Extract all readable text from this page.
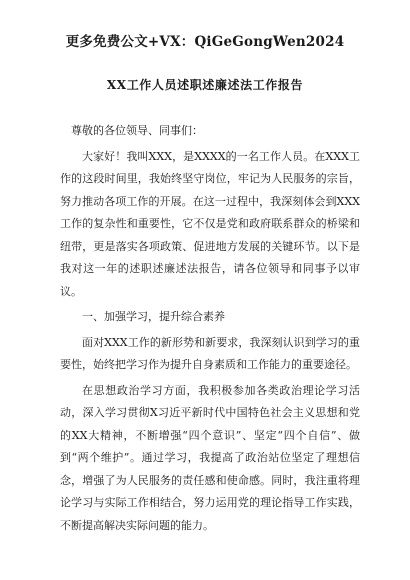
更多免费公文+VX：QiGeGongWen2024
XX工作人员述职述廉述法工作报告

尊敬的各位领导、同事们：

大家好！我叫XXX，是XXXX的一名工作人员。在XXX工作的这段时间里，我始终坚守岗位，牢记为人民服务的宗旨，努力推动各项工作的开展。在这一过程中，我深刻体会到XXX工作的复杂性和重要性，它不仅是党和政府联系群众的桥梁和纽带，更是落实各项政策、促进地方发展的关键环节。以下是我对这一年的述职述廉述法报告，请各位领导和同事予以审议。

一、加强学习，提升综合素养

面对XXX工作的新形势和新要求，我深刻认识到学习的重要性，始终把学习作为提升自身素质和工作能力的重要途径。

在思想政治学习方面，我积极参加各类政治理论学习活动，深入学习贯彻X习近平新时代中国特色社会主义思想和党的XX大精神，不断增强“四个意识”、坚定“四个自信”、做到“两个维护”。通过学习，我提高了政治站位坚定了理想信念，增强了为人民服务的责任感和使命感。同时，我注重将理论学习与实际工作相结合，努力运用党的理论指导工作实践，不断提高解决实际问题的能力。
